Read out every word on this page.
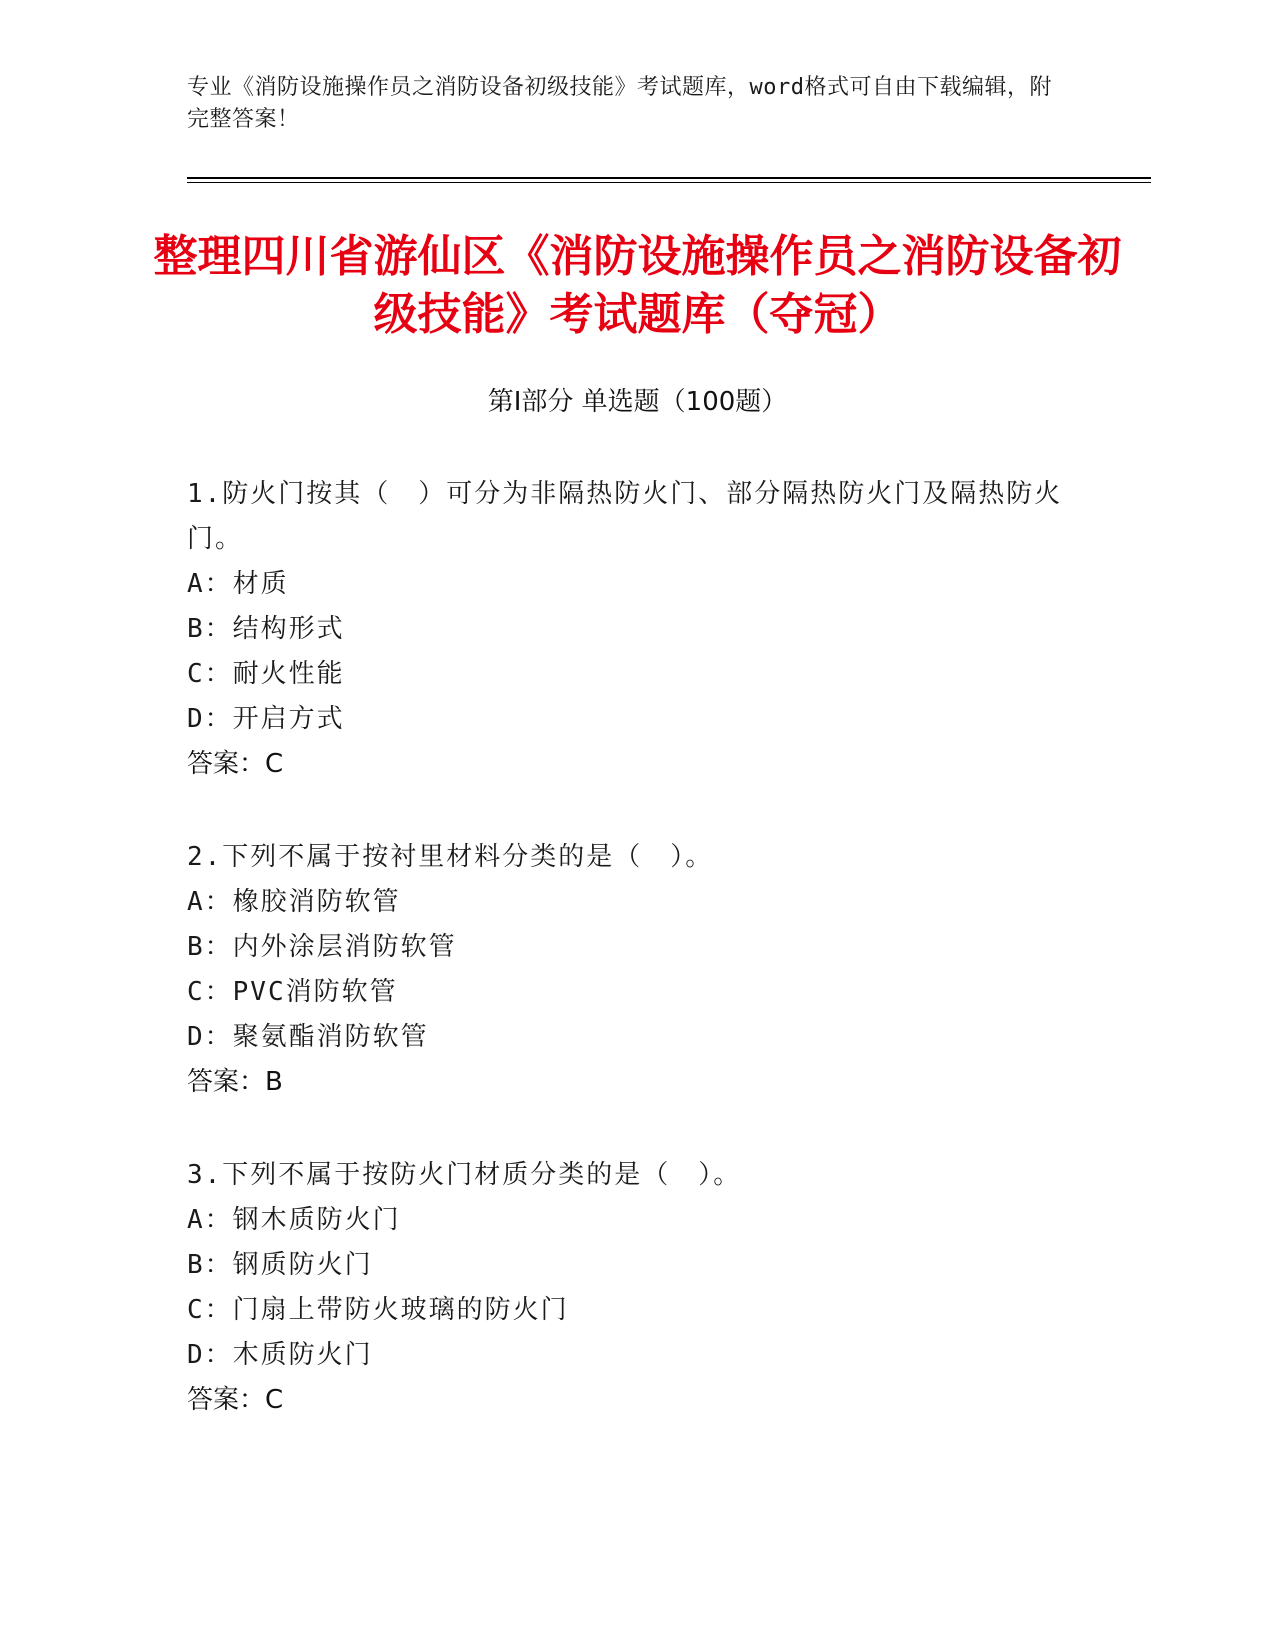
专业《消防设施操作员之消防设备初级技能》考试题库，word格式可自由下载编辑，附完整答案！
整理四川省游仙区《消防设施操作员之消防设备初级技能》考试题库（夺冠）
第Ⅰ部分 单选题（100题）
1.防火门按其（　）可分为非隔热防火门、部分隔热防火门及隔热防火门。
A：材质
B：结构形式
C：耐火性能
D：开启方式
答案：C
2.下列不属于按衬里材料分类的是（　）。
A：橡胶消防软管
B：内外涂层消防软管
C：PVC消防软管
D：聚氨酯消防软管
答案：B
3.下列不属于按防火门材质分类的是（　）。
A：钢木质防火门
B：钢质防火门
C：门扇上带防火玻璃的防火门
D：木质防火门
答案：C
